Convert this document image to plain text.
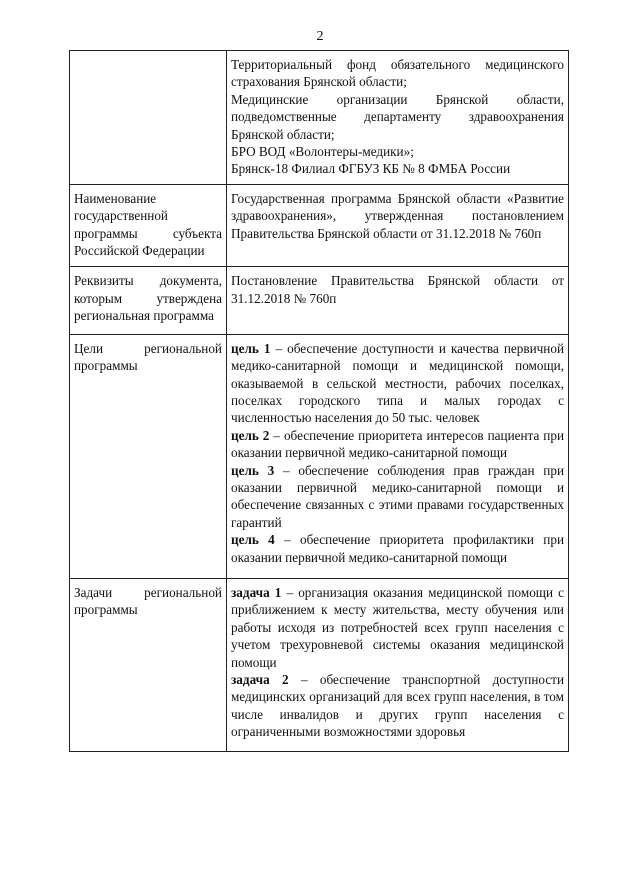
2

	Территориальный фонд обязательного медицинского страхования Брянской области;
Медицинские организации Брянской области, подведомственные департаменту здравоохранения Брянской области;
БРО ВОД «Волонтеры-медики»;
Брянск-18 Филиал ФГБУЗ КБ № 8 ФМБА России

Наименование государственной программы субъекта Российской Федерации	Государственная программа Брянской области «Развитие здравоохранения», утвержденная постановлением Правительства Брянской области от 31.12.2018 № 760п

Реквизиты документа, которым утверждена региональная программа	Постановление Правительства Брянской области от 31.12.2018 № 760п

Цели региональной программы	цель 1 – обеспечение доступности и качества первичной медико-санитарной помощи и медицинской помощи, оказываемой в сельской местности, рабочих поселках, поселках городского типа и малых городах с численностью населения до 50 тыс. человек
цель 2 – обеспечение приоритета интересов пациента при оказании первичной медико-санитарной помощи
цель 3 – обеспечение соблюдения прав граждан при оказании первичной медико-санитарной помощи и обеспечение связанных с этими правами государственных гарантий
цель 4 – обеспечение приоритета профилактики при оказании первичной медико-санитарной помощи

Задачи региональной программы	задача 1 – организация оказания медицинской помощи с приближением к месту жительства, месту обучения или работы исходя из потребностей всех групп населения с учетом трехуровневой системы оказания медицинской помощи
задача 2 – обеспечение транспортной доступности медицинских организаций для всех групп населения, в том числе инвалидов и других групп населения с ограниченными возможностями здоровья
